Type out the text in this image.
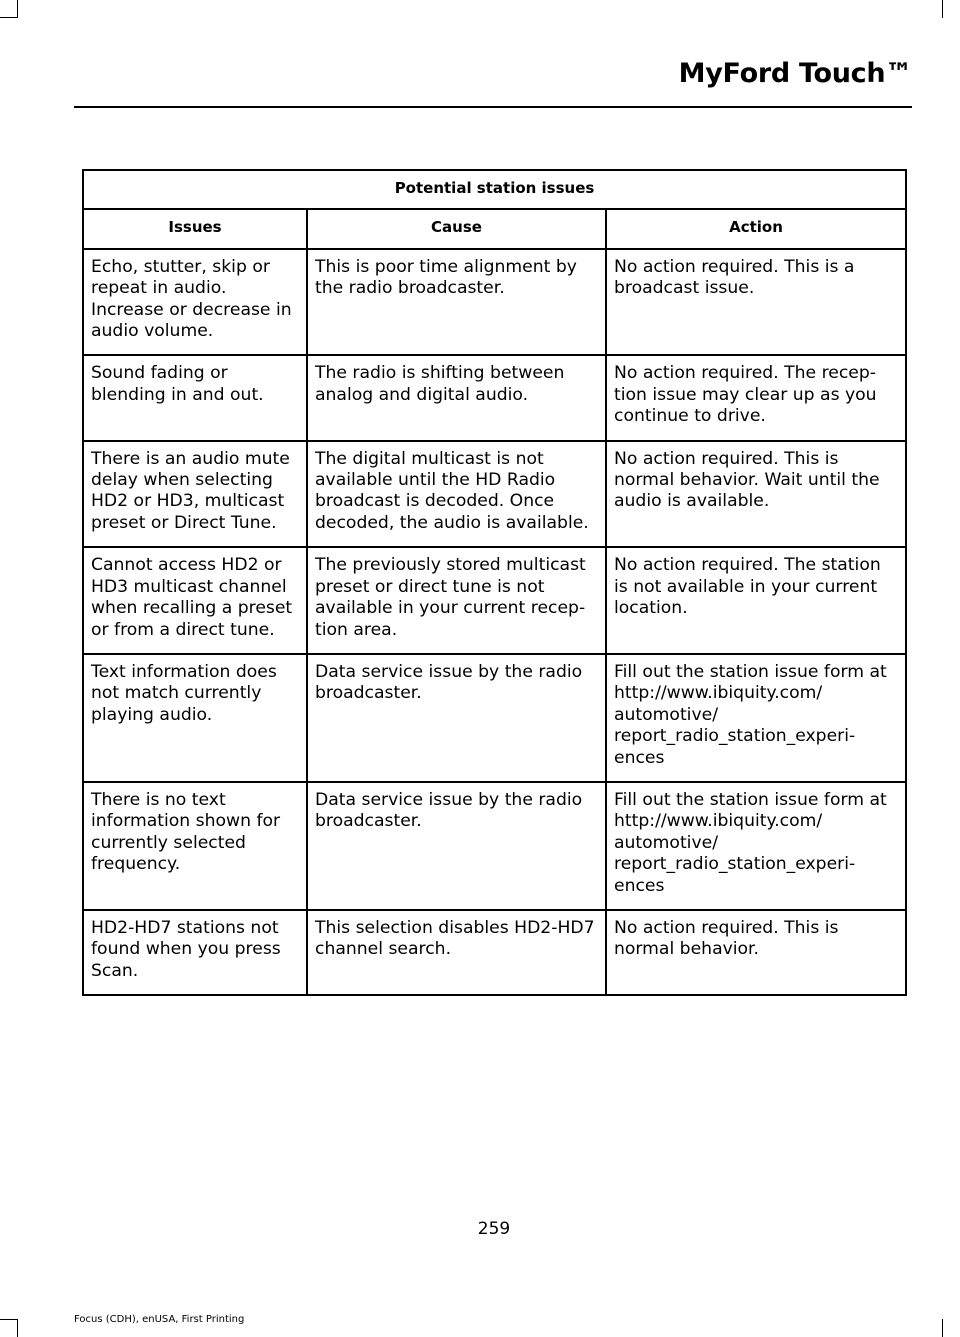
MyFord Touch™
Potential station issues		
Issues	Cause	Action
Echo, stutter, skip or repeat in audio. Increase or decrease in audio volume.	This is poor time alignment by the radio broadcaster.	No action required. This is a broadcast issue.
Sound fading or blending in and out.	The radio is shifting between analog and digital audio.	No action required. The recep-tion issue may clear up as you continue to drive.
There is an audio mute delay when selecting HD2 or HD3, multicast preset or Direct Tune.	The digital multicast is not available until the HD Radio broadcast is decoded. Once decoded, the audio is available.	No action required. This is normal behavior. Wait until the audio is available.
Cannot access HD2 or HD3 multicast channel when recalling a preset or from a direct tune.	The previously stored multicast preset or direct tune is not available in your current recep-tion area.	No action required. The station is not available in your current location.
Text information does not match currently playing audio.	Data service issue by the radio broadcaster.	Fill out the station issue form at http://www.ibiquity.com/ automotive/ report_radio_station_experi-ences
There is no text information shown for currently selected frequency.	Data service issue by the radio broadcaster.	Fill out the station issue form at http://www.ibiquity.com/ automotive/ report_radio_station_experi-ences
HD2-HD7 stations not found when you press Scan.	This selection disables HD2-HD7 channel search.	No action required. This is normal behavior.
259
Focus (CDH), enUSA, First Printing
